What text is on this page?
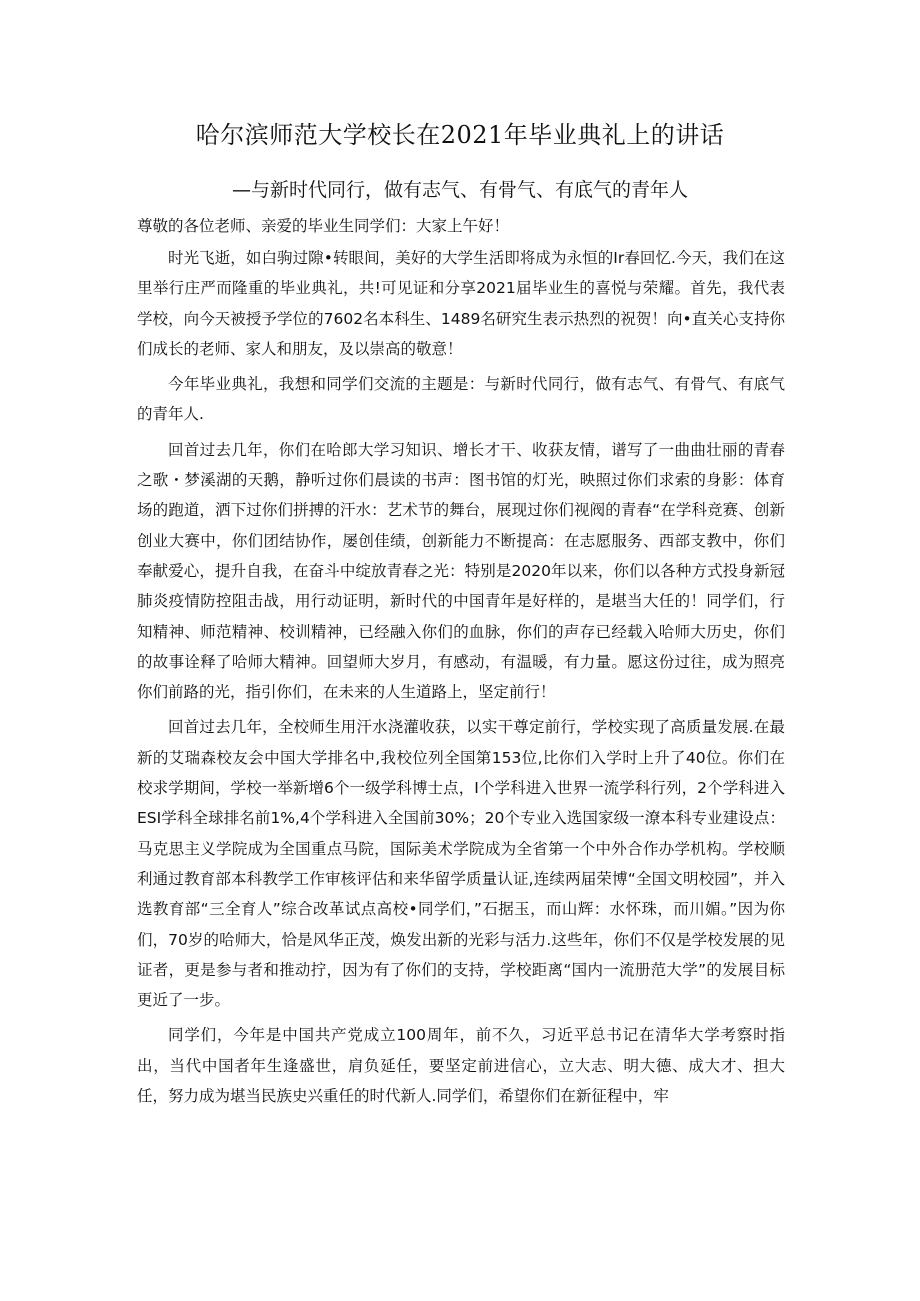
哈尔滨师范大学校长在2021年毕业典礼上的讲话
—与新时代同行，做有志气、有骨气、有底气的青年人

尊敬的各位老师、亲爱的毕业生同学们：大家上午好！

时光飞逝，如白驹过隙•转眼间，美好的大学生活即将成为永恒的Ir春回忆.今天，我们在这里举行庄严而隆重的毕业典礼，共!可见证和分享2021届毕业生的喜悦与荣耀。首先，我代表学校，向今天被授予学位的7602名本科生、1489名研究生表示热烈的祝贺！向•直关心支持你们成长的老师、家人和朋友，及以崇高的敬意！

今年毕业典礼，我想和同学们交流的主题是：与新时代同行，做有志气、有骨气、有底气的青年人.

回首过去几年，你们在哈郎大学习知识、增长才干、收获友情，谱写了一曲曲壮丽的青春之歌・梦溪湖的天鹅，静听过你们晨读的书声：图书馆的灯光，映照过你们求索的身影：体育场的跑道，洒下过你们拼搏的汗水：艺术节的舞台，展现过你们视阀的青春“在学科竞赛、创新创业大赛中，你们团结协作，屡创佳绩，创新能力不断提高：在志愿服务、西部支教中，你们奉献爱心，提升自我，在奋斗中绽放青春之光：特别是2020年以来，你们以各种方式投身新冠肺炎疫情防控阻击战，用行动证明，新时代的中国青年是好样的，是堪当大任的！同学们，行知精神、师范精神、校训精神，已经融入你们的血脉，你们的声存已经载入哈师大历史，你们的故事诠释了哈师大精神。回望师大岁月，有感动，有温暖，有力量。愿这份过往，成为照亮你们前路的光，指引你们，在未来的人生道路上，坚定前行！

回首过去几年，全校师生用汗水浇灌收获，以实干尊定前行，学校实现了高质量发展.在最新的艾瑞森校友会中国大学排名中,我校位列全国第153位,比你们入学时上升了40位。你们在校求学期间，学校一举新增6个一级学科博士点，I个学科进入世界一流学科行列，2个学科进入ESI学科全球排名前1%,4个学科进入全国前30%；20个专业入选国家级一潦本科专业建设点：马克思主义学院成为全国重点马院，国际美术学院成为全省第一个中外合作办学机构。学校顺利通过教育部本科教学工作审核评估和来华留学质量认证,连续两届荣博“全国文明校园”，并入选教育部“三全育人”综合改革试点高校•同学们，”石据玉，而山辉：水怀珠，而川媚。”因为你们，70岁的哈师大，恰是风华正茂，焕发出新的光彩与活力.这些年，你们不仅是学校发展的见证者，更是参与者和推动拧，因为有了你们的支持，学校距离“国内一流册范大学”的发展目标更近了一步。

同学们，今年是中国共产党成立100周年，前不久，习近平总书记在清华大学考察时指出，当代中国者年生逢盛世，肩负延任，要坚定前进信心，立大志、明大德、成大才、担大任，努力成为堪当民族史兴重任的时代新人.同学们，希望你们在新征程中，牢
